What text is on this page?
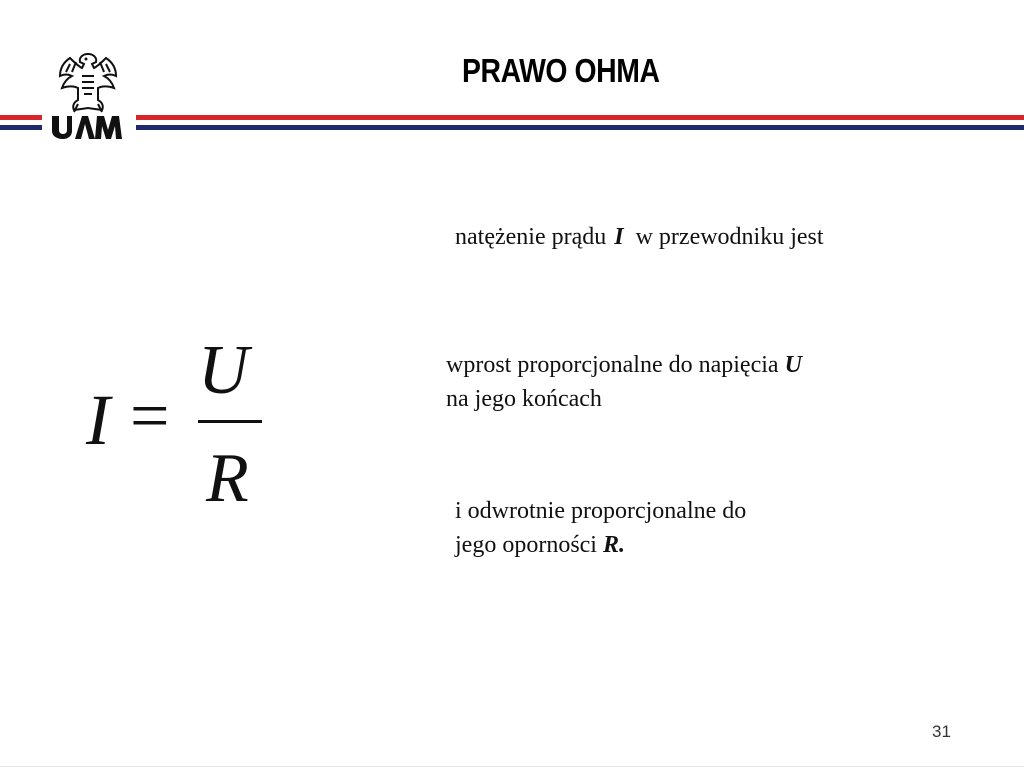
PRAWO OHMA
I =
U
R
natężenie prądu I w przewodniku jest
wprost proporcjonalne do napięcia U
na jego końcach
i odwrotnie proporcjonalne do
jego oporności R.
31
